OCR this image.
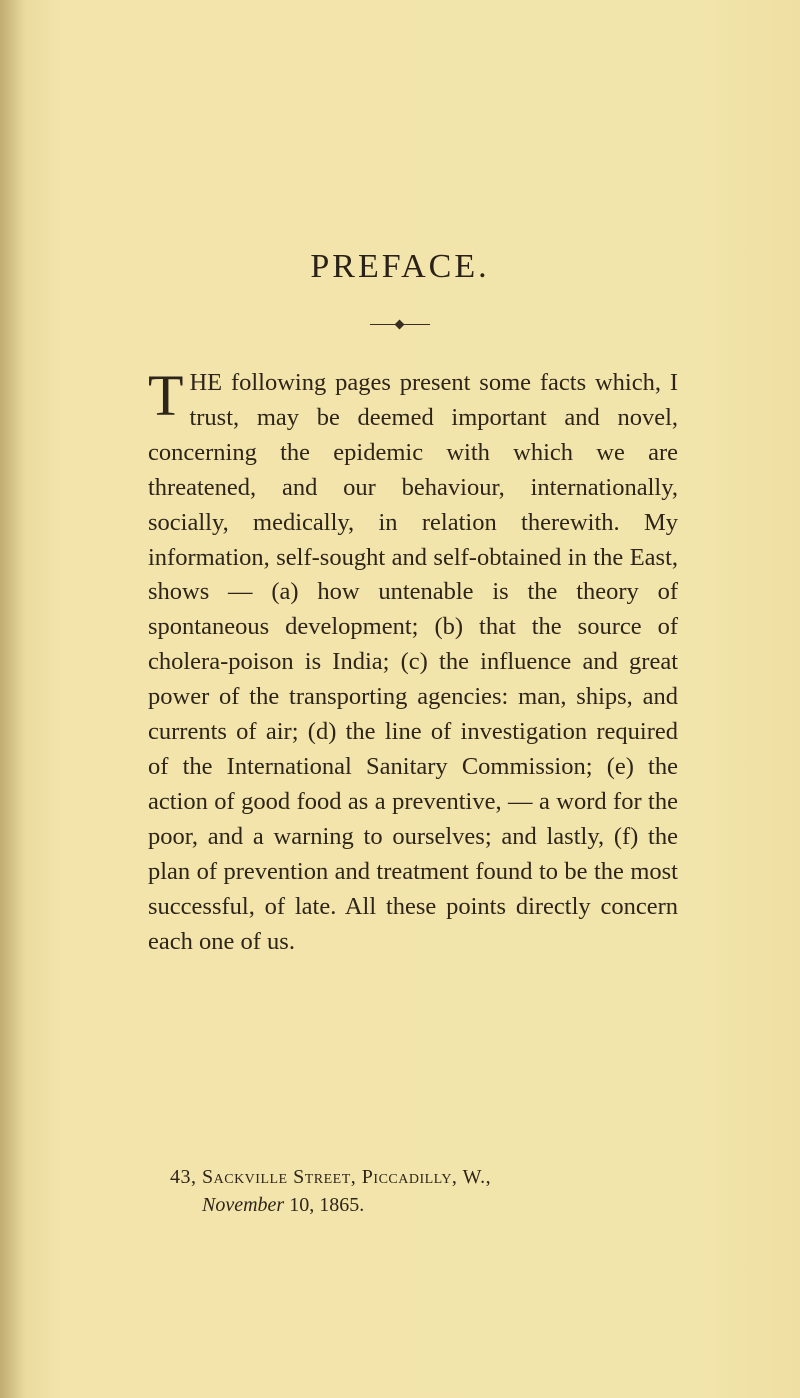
PREFACE.

THE following pages present some facts which, I trust, may be deemed important and novel, concerning the epidemic with which we are threatened, and our behaviour, internationally, socially, medically, in relation therewith. My information, self-sought and self-obtained in the East, shows — (a) how untenable is the theory of spontaneous development; (b) that the source of cholera-poison is India; (c) the influence and great power of the transporting agencies: man, ships, and currents of air; (d) the line of investigation required of the International Sanitary Commission; (e) the action of good food as a preventive, — a word for the poor, and a warning to ourselves; and lastly, (f) the plan of prevention and treatment found to be the most successful, of late. All these points directly concern each one of us.

43, Sackville Street, Piccadilly, W.,
November 10, 1865.
